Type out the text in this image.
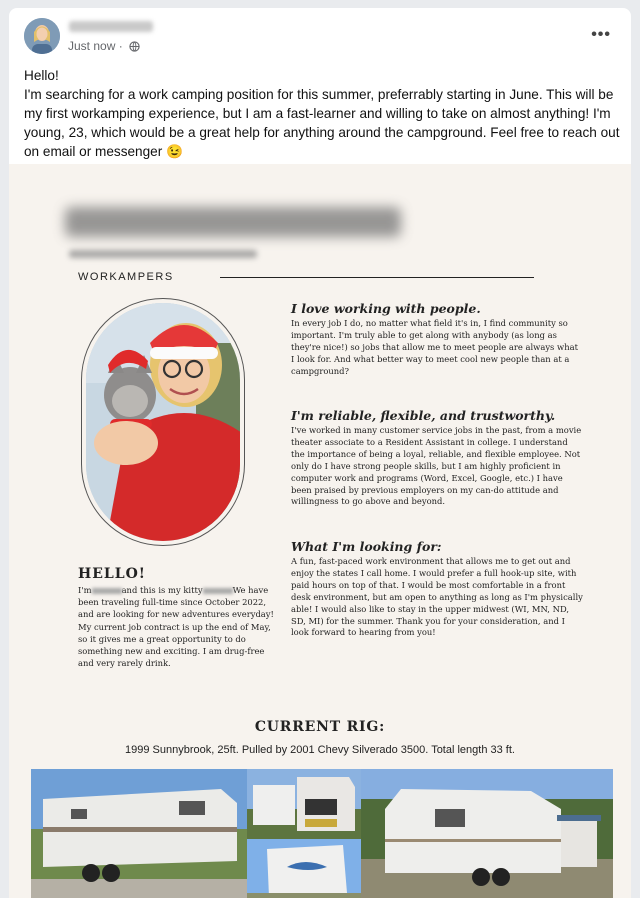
Just now ·
•••

Hello!

I'm searching for a work camping position for this summer, preferrably starting in June. This will be my first workamping experience, but I am a fast-learner and willing to take on almost anything! I'm young, 23, which would be a great help for anything around the campground. Feel free to reach out on email or messenger 😉

WORKAMPERS
I love working with people.
In every job I do, no matter what field it's in, I find community so important. I'm truly able to get along with anybody (as long as they're nice!) so jobs that allow me to meet people are always what I look for. And what better way to meet cool new people than at a campground?
I'm reliable, flexible, and trustworthy.
I've worked in many customer service jobs in the past, from a movie theater associate to a Resident Assistant in college. I understand the importance of being a loyal, reliable, and flexible employee. Not only do I have strong people skills, but I am highly proficient in computer work and programs (Word, Excel, Google, etc.) I have been praised by previous employers on my can-do attitude and willingness to go above and beyond.
What I'm looking for:
A fun, fast-paced work environment that allows me to get out and enjoy the states I call home. I would prefer a full hook-up site, with paid hours on top of that. I would be most comfortable in a front desk environment, but am open to anything as long as I'm physically able! I would also like to stay in the upper midwest (WI, MN, ND, SD, MI) for the summer. Thank you for your consideration, and I look forward to hearing from you!
HELLO!
I'm	and this is my kitty	We have been traveling full-time since October 2022, and are looking for new adventures everyday! My current job contract is up the end of May, so it gives me a great opportunity to do something new and exciting. I am drug-free and very rarely drink.
CURRENT RIG:
1999 Sunnybrook, 25ft. Pulled by 2001 Chevy Silverado 3500. Total length 33 ft.
